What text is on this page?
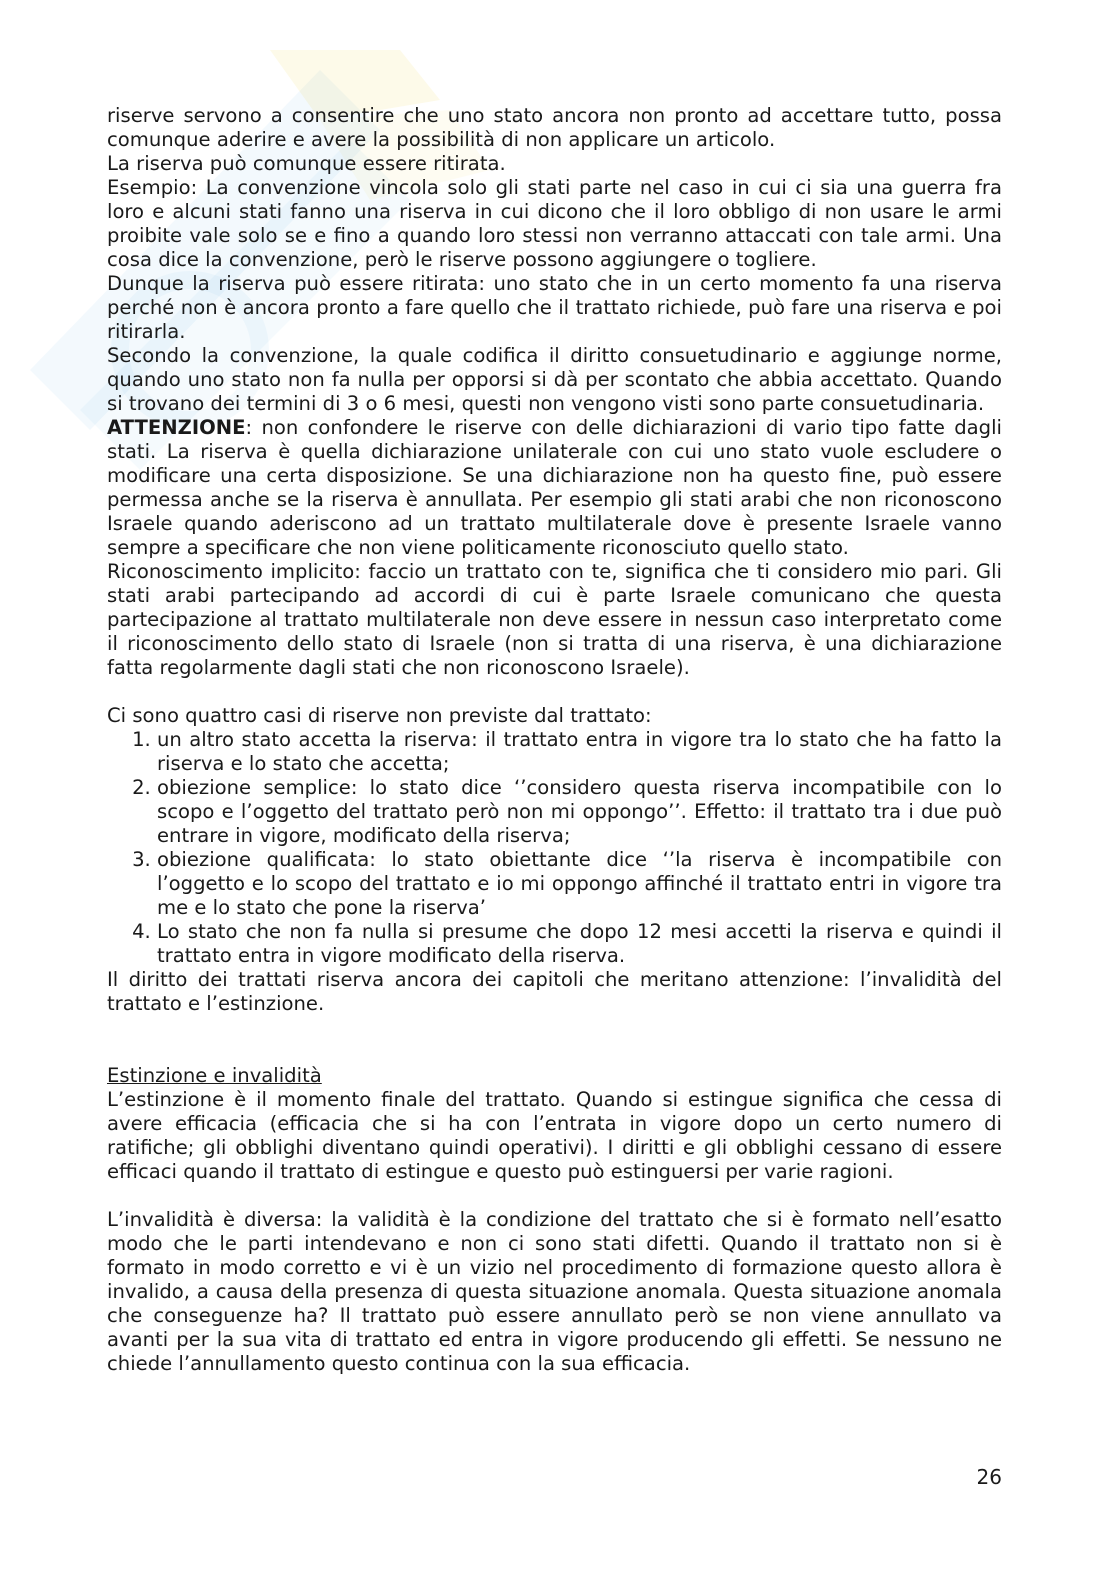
riserve servono a consentire che uno stato ancora non pronto ad accettare tutto, possa comunque aderire e avere la possibilità di non applicare un articolo.

La riserva può comunque essere ritirata.

Esempio: La convenzione vincola solo gli stati parte nel caso in cui ci sia una guerra fra loro e alcuni stati fanno una riserva in cui dicono che il loro obbligo di non usare le armi proibite vale solo se e fino a quando loro stessi non verranno attaccati con tale armi. Una cosa dice la convenzione, però le riserve possono aggiungere o togliere.

Dunque la riserva può essere ritirata: uno stato che in un certo momento fa una riserva perché non è ancora pronto a fare quello che il trattato richiede, può fare una riserva e poi ritirarla.

Secondo la convenzione, la quale codifica il diritto consuetudinario e aggiunge norme, quando uno stato non fa nulla per opporsi si dà per scontato che abbia accettato. Quando si trovano dei termini di 3 o 6 mesi, questi non vengono visti sono parte consuetudinaria.

ATTENZIONE: non confondere le riserve con delle dichiarazioni di vario tipo fatte dagli stati. La riserva è quella dichiarazione unilaterale con cui uno stato vuole escludere o modificare una certa disposizione. Se una dichiarazione non ha questo fine, può essere permessa anche se la riserva è annullata. Per esempio gli stati arabi che non riconoscono Israele quando aderiscono ad un trattato multilaterale dove è presente Israele vanno sempre a specificare che non viene politicamente riconosciuto quello stato.

Riconoscimento implicito: faccio un trattato con te, significa che ti considero mio pari. Gli stati arabi partecipando ad accordi di cui è parte Israele comunicano che questa partecipazione al trattato multilaterale non deve essere in nessun caso interpretato come il riconoscimento dello stato di Israele (non si tratta di una riserva, è una dichiarazione fatta regolarmente dagli stati che non riconoscono Israele).

Ci sono quattro casi di riserve non previste dal trattato:

1. un altro stato accetta la riserva: il trattato entra in vigore tra lo stato che ha fatto la riserva e lo stato che accetta;
2. obiezione semplice: lo stato dice ‘’considero questa riserva incompatibile con lo scopo e l’oggetto del trattato però non mi oppongo’’. Effetto: il trattato tra i due può entrare in vigore, modificato della riserva;
3. obiezione qualificata: lo stato obiettante dice ‘’la riserva è incompatibile con l’oggetto e lo scopo del trattato e io mi oppongo affinché il trattato entri in vigore tra me e lo stato che pone la riserva’
4. Lo stato che non fa nulla si presume che dopo 12 mesi accetti la riserva e quindi il trattato entra in vigore modificato della riserva.

Il diritto dei trattati riserva ancora dei capitoli che meritano attenzione: l’invalidità del trattato e l’estinzione.

Estinzione e invalidità

L’estinzione è il momento finale del trattato. Quando si estingue significa che cessa di avere efficacia (efficacia che si ha con l’entrata in vigore dopo un certo numero di ratifiche; gli obblighi diventano quindi operativi). I diritti e gli obblighi cessano di essere efficaci quando il trattato di estingue e questo può estinguersi per varie ragioni.

L’invalidità è diversa: la validità è la condizione del trattato che si è formato nell’esatto modo che le parti intendevano e non ci sono stati difetti. Quando il trattato non si è formato in modo corretto e vi è un vizio nel procedimento di formazione questo allora è invalido, a causa della presenza di questa situazione anomala. Questa situazione anomala che conseguenze ha? Il trattato può essere annullato però se non viene annullato va avanti per la sua vita di trattato ed entra in vigore producendo gli effetti. Se nessuno ne chiede l’annullamento questo continua con la sua efficacia.

26
